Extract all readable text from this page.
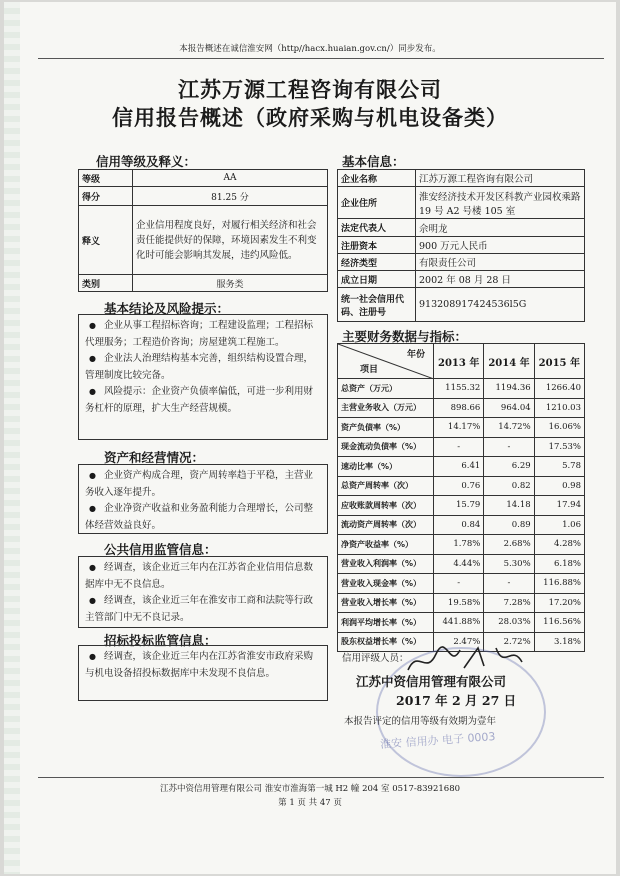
本报告概述在诚信淮安网（http//hacx.huaian.gov.cn/）同步发布。
江苏万源工程咨询有限公司
信用报告概述（政府采购与机电设备类）
信用等级及释义：
等级	AA
得分	81.25 分
释义	企业信用程度良好，对履行相关经济和社会责任能提供好的保障，环境因素发生不利变化时可能会影响其发展，违约风险低。
类别	服务类
基本结论及风险提示：

● 企业从事工程招标咨询；工程建设监理；工程招标代理服务；工程造价咨询；房屋建筑工程施工。

● 企业法人治理结构基本完善，组织结构设置合理，管理制度比较完备。

● 风险提示：企业资产负债率偏低，可进一步利用财务杠杆的原理，扩大生产经营规模。

资产和经营情况：

● 企业资产构成合理，资产周转率趋于平稳，主营业务收入逐年提升。

● 企业净资产收益和业务盈利能力合理增长，公司整体经营效益良好。

公共信用监管信息：

● 经调查，该企业近三年内在江苏省企业信用信息数据库中无不良信息。

● 经调查，该企业近三年在淮安市工商和法院等行政主管部门中无不良记录。

招标投标监管信息：

● 经调查，该企业近三年内在江苏省淮安市政府采购与机电设备招投标数据库中未发现不良信息。

基本信息：
企业名称	江苏万源工程咨询有限公司
企业住所	淮安经济技术开发区科教产业园枚乘路 19 号 A2 号楼 105 室
法定代表人	佘明龙
注册资本	900 万元人民币
经济类型	有限责任公司
成立日期	2002 年 08 月 28 日
统一社会信用代码、注册号	913208917424536l5G
主要财务数据与指标：
年份
项目	2013 年	2014 年	2015 年
总资产（万元）	1155.32	1194.36	1266.40
主营业务收入（万元）	898.66	964.04	1210.03
资产负债率（%）	14.17%	14.72%	16.06%
现金流动负债率（%）	-	-	17.53%
速动比率（%）	6.41	6.29	5.78
总资产周转率（次）	0.76	0.82	0.98
应收账款周转率（次）	15.79	14.18	17.94
流动资产周转率（次）	0.84	0.89	1.06
净资产收益率（%）	1.78%	2.68%	4.28%
营业收入利润率（%）	4.44%	5.30%	6.18%
营业收入现金率（%）	-	-	116.88%
营业收入增长率（%）	19.58%	7.28%	17.20%
利润平均增长率（%）	441.88%	28.03%	116.56%
股东权益增长率（%）	2.47%	2.72%	3.18%
淮安 信用办 电子 0003
信用评级人员：
江苏中资信用管理有限公司
2017 年 2 月 27 日
本报告评定的信用等级有效期为壹年
江苏中资信用管理有限公司 淮安市淮海第一城 H2 幢 204 室 0517-83921680
第 1 页 共 47 页
